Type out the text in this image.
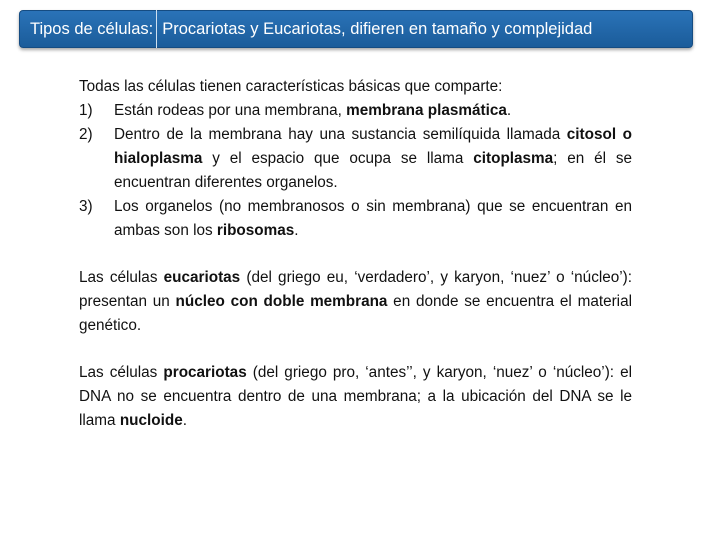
Tipos de células: Procariotas y Eucariotas, difieren en tamaño y complejidad

Todas las células tienen características básicas que comparte:

1) Están rodeas por una membrana, membrana plasmática.
2) Dentro de la membrana hay una sustancia semilíquida llamada citosol o hialoplasma y el espacio que ocupa se llama citoplasma; en él se encuentran diferentes organelos.
3) Los organelos (no membranosos o sin membrana) que se encuentran en ambas son los ribosomas.

Las células eucariotas (del griego eu, ‘verdadero’, y karyon, ‘nuez’ o ‘núcleo’): presentan un núcleo con doble membrana en donde se encuentra el material genético.

Las células procariotas (del griego pro, ‘antes’’, y karyon, ‘nuez’ o ‘núcleo’): el DNA no se encuentra dentro de una membrana; a la ubicación del DNA se le llama nucloide.
